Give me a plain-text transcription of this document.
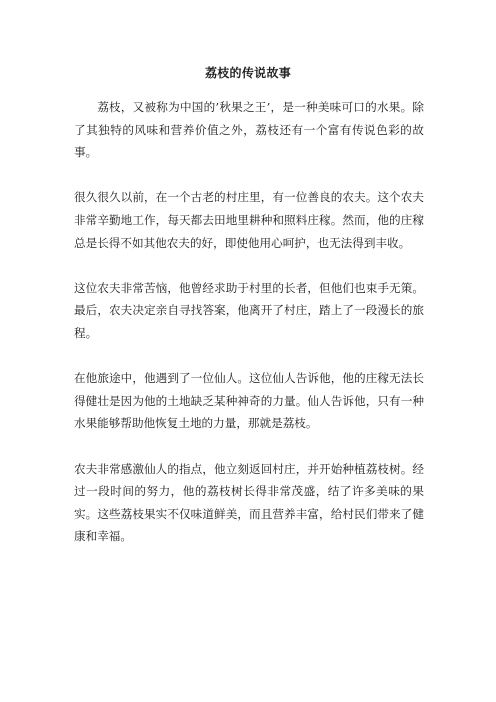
荔枝的传说故事

荔枝，又被称为中国的’秋果之王’，是一种美味可口的水果。除了其独特的风味和营养价值之外，荔枝还有一个富有传说色彩的故事。

很久很久以前，在一个古老的村庄里，有一位善良的农夫。这个农夫非常辛勤地工作，每天都去田地里耕种和照料庄稼。然而，他的庄稼总是长得不如其他农夫的好，即使他用心呵护，也无法得到丰收。

这位农夫非常苦恼，他曾经求助于村里的长者，但他们也束手无策。最后，农夫决定亲自寻找答案，他离开了村庄，踏上了一段漫长的旅程。

在他旅途中，他遇到了一位仙人。这位仙人告诉他，他的庄稼无法长得健壮是因为他的土地缺乏某种神奇的力量。仙人告诉他，只有一种水果能够帮助他恢复土地的力量，那就是荔枝。

农夫非常感激仙人的指点，他立刻返回村庄，并开始种植荔枝树。经过一段时间的努力，他的荔枝树长得非常茂盛，结了许多美味的果实。这些荔枝果实不仅味道鲜美，而且营养丰富，给村民们带来了健康和幸福。
